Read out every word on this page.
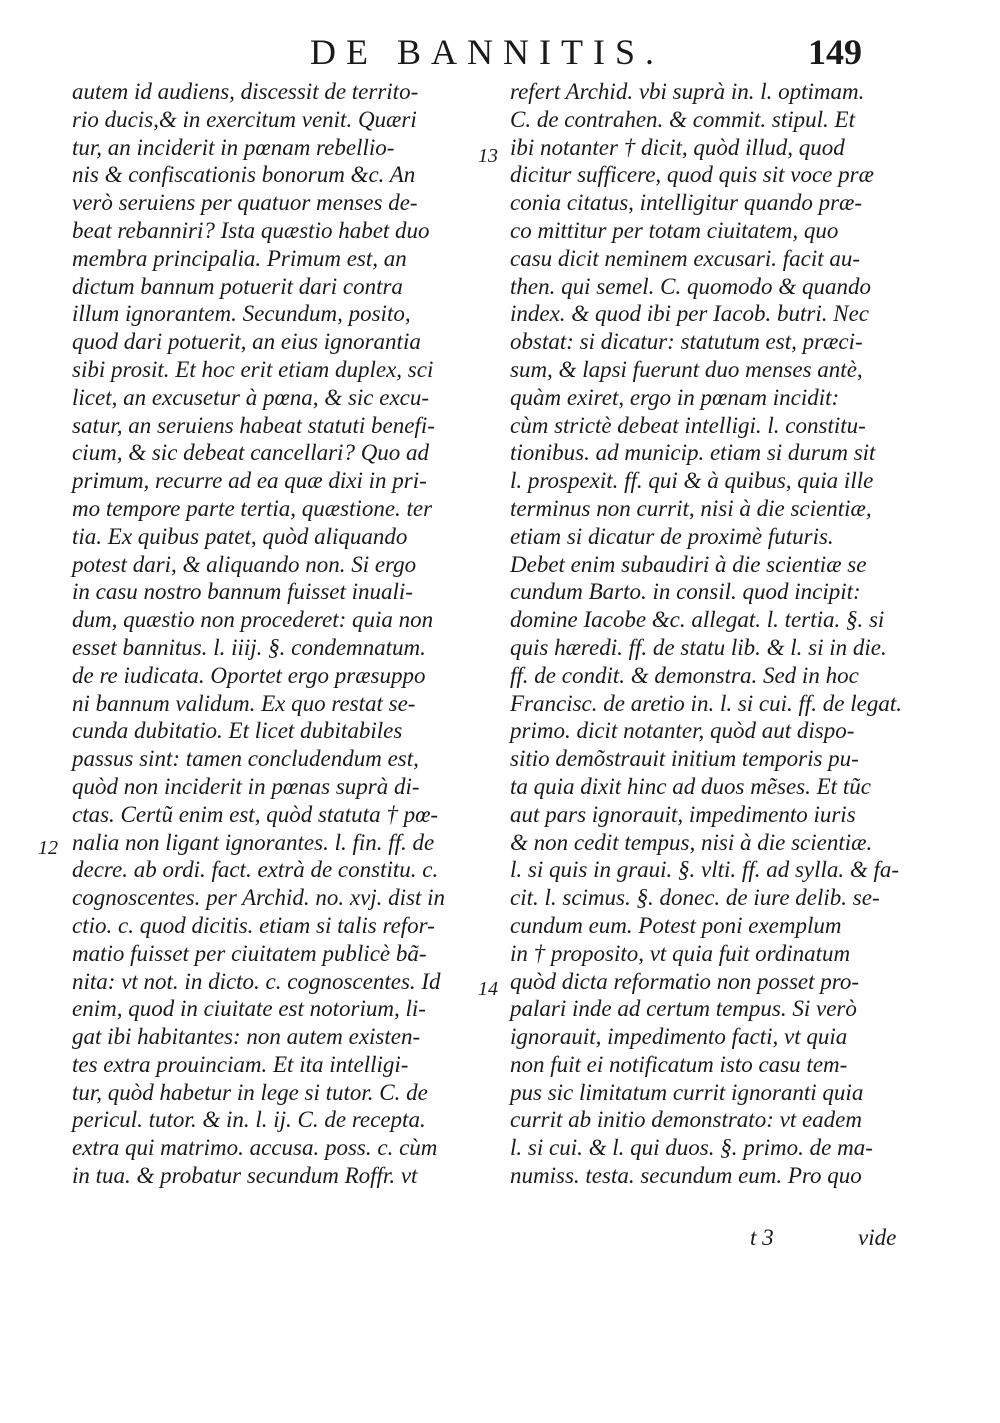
DE BANNITIS.	149
autem id audiens, discessit de territo-
rio ducis,& in exercitum venit. Quæri
tur, an inciderit in pœnam rebellio-
nis & confiscationis bonorum &c. An
verò seruiens per quatuor menses de-
beat rebanniri? Ista quæstio habet duo
membra principalia. Primum est, an
dictum bannum potuerit dari contra
illum ignorantem. Secundum, posito,
quod dari potuerit, an eius ignorantia
sibi prosit. Et hoc erit etiam duplex, sci
licet, an excusetur à pœna, & sic excu-
satur, an seruiens habeat statuti benefi-
cium, & sic debeat cancellari? Quo ad
primum, recurre ad ea quæ dixi in pri-
mo tempore parte tertia, quæstione. ter
tia. Ex quibus patet, quòd aliquando
potest dari, & aliquando non. Si ergo
in casu nostro bannum fuisset inuali-
dum, quæstio non procederet: quia non
esset bannitus. l. iiij. §. condemnatum.
de re iudicata. Oportet ergo præsuppo
ni bannum validum. Ex quo restat se-
cunda dubitatio. Et licet dubitabiles
passus sint: tamen concludendum est,
quòd non inciderit in pœnas suprà di-
ctas. Certũ enim est, quòd statuta † pœ-
nalia non ligant ignorantes. l. fin. ff. de
decre. ab ordi. fact. extrà de constitu. c.
cognoscentes. per Archid. no. xvj. dist in
ctio. c. quod dicitis. etiam si talis refor-
matio fuisset per ciuitatem publicè bã-
nita: vt not. in dicto. c. cognoscentes. Id
enim, quod in ciuitate est notorium, li-
gat ibi habitantes: non autem existen-
tes extra prouinciam. Et ita intelligi-
tur, quòd habetur in lege si tutor. C. de
pericul. tutor. & in. l. ij. C. de recepta.
extra qui matrimo. accusa. poss. c. cùm
in tua. & probatur secundum Roffr. vt
refert Archid. vbi suprà in. l. optimam.
C. de contrahen. & commit. stipul. Et
ibi notanter † dicit, quòd illud, quod
dicitur sufficere, quod quis sit voce præ
conia citatus, intelligitur quando præ-
co mittitur per totam ciuitatem, quo
casu dicit neminem excusari. facit au-
then. qui semel. C. quomodo & quando
index. & quod ibi per Iacob. butri. Nec
obstat: si dicatur: statutum est, præci-
sum, & lapsi fuerunt duo menses antè,
quàm exiret, ergo in pœnam incidit:
cùm strictè debeat intelligi. l. constitu-
tionibus. ad municip. etiam si durum sit
l. prospexit. ff. qui & à quibus, quia ille
terminus non currit, nisi à die scientiæ,
etiam si dicatur de proximè futuris.
Debet enim subaudiri à die scientiæ se
cundum Barto. in consil. quod incipit:
domine Iacobe &c. allegat. l. tertia. §. si
quis hæredi. ff. de statu lib. & l. si in die.
ff. de condit. & demonstra. Sed in hoc
Francisc. de aretio in. l. si cui. ff. de legat.
primo. dicit notanter, quòd aut dispo-
sitio demõstrauit initium temporis pu-
ta quia dixit hinc ad duos mẽses. Et tũc
aut pars ignorauit, impedimento iuris
& non cedit tempus, nisi à die scientiæ.
l. si quis in graui. §. vlti. ff. ad sylla. & fa-
cit. l. scimus. §. donec. de iure delib. se-
cundum eum. Potest poni exemplum
in † proposito, vt quia fuit ordinatum
quòd dicta reformatio non posset pro-
palari inde ad certum tempus. Si verò
ignorauit, impedimento facti, vt quia
non fuit ei notificatum isto casu tem-
pus sic limitatum currit ignoranti quia
currit ab initio demonstrato: vt eadem
l. si cui. & l. qui duos. §. primo. de ma-
numiss. testa. secundum eum. Pro quo
12
13
14
t 3	vide
